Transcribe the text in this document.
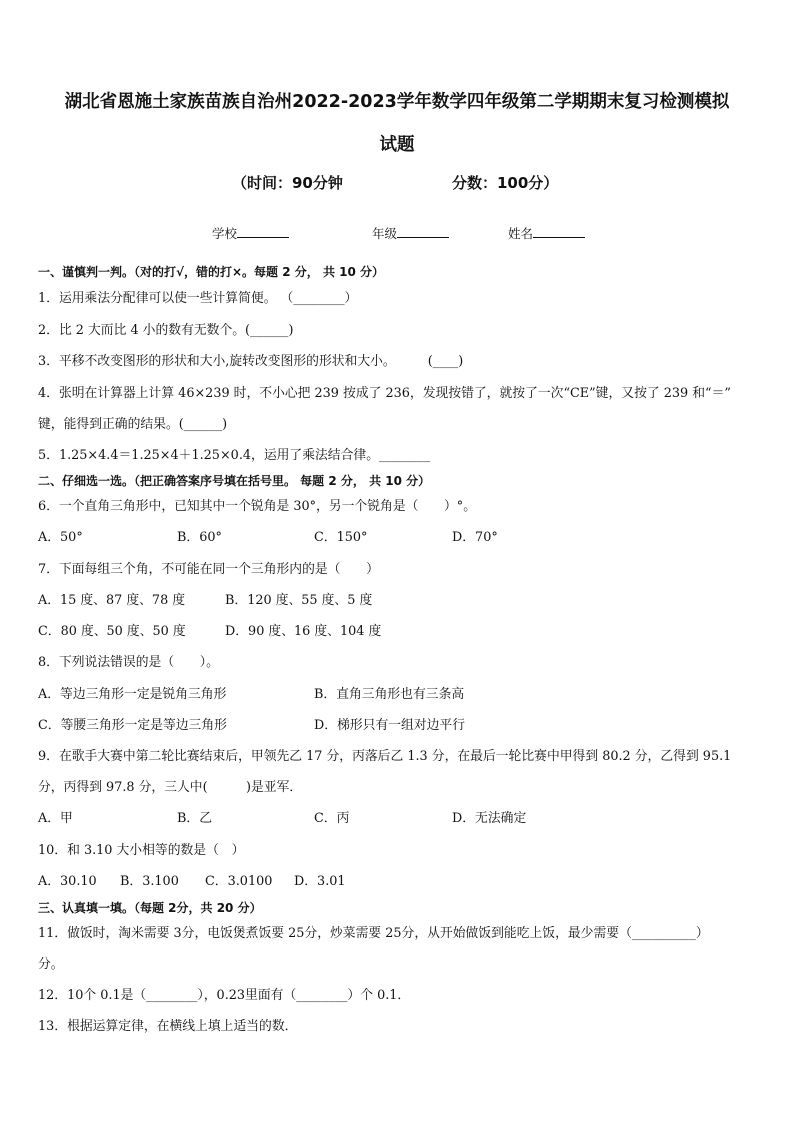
湖北省恩施土家族苗族自治州2022-2023学年数学四年级第二学期期末复习检测模拟
试题
（时间：90分钟	分数：100分）
学校	年级	姓名
一、谨慎判一判。（对的打√，错的打×。每题 2 分， 共 10 分）
1．运用乘法分配律可以使一些计算简便。 （________）
2．比 2 大而比 4 小的数有无数个。(______)
3．平移不改变图形的形状和大小,旋转改变图形的形状和大小。　　　(____)
4．张明在计算器上计算 46×239 时，不小心把 239 按成了 236，发现按错了，就按了一次“CE”键，又按了 239 和“＝”
键，能得到正确的结果。(______)
5．1.25×4.4＝1.25×4＋1.25×0.4，运用了乘法结合律。________
二、仔细选一选。（把正确答案序号填在括号里。 每题 2 分， 共 10 分）
6．一个直角三角形中，已知其中一个锐角是 30°，另一个锐角是（　　）°。
A．50°	B．60°	C．150°	D．70°
7．下面每组三个角，不可能在同一个三角形内的是（　　）
A．15 度、87 度、78 度	B．120 度、55 度、5 度
C．80 度、50 度、50 度	D．90 度、16 度、104 度
8．下列说法错误的是（　　）。
A．等边三角形一定是锐角三角形	B．直角三角形也有三条高
C．等腰三角形一定是等边三角形	D．梯形只有一组对边平行
9．在歌手大赛中第二轮比赛结束后，甲领先乙 17 分，丙落后乙 1.3 分，在最后一轮比赛中甲得到 80.2 分，乙得到 95.1
分，丙得到 97.8 分，三人中(　　　)是亚军．
A．甲	B．乙	C．丙	D．无法确定
10．和 3.10 大小相等的数是（　）
A．30.10 B．3.100 C．3.0100 D．3.01
三、认真填一填。（每题 2分，共 20 分）
11．做饭时，淘米需要 3分，电饭煲煮饭要 25分，炒菜需要 25分，从开始做饭到能吃上饭，最少需要（__________）
分。
12．10个 0.1是（________），0.23里面有（________）个 0.1．
13．根据运算定律，在横线上填上适当的数．
